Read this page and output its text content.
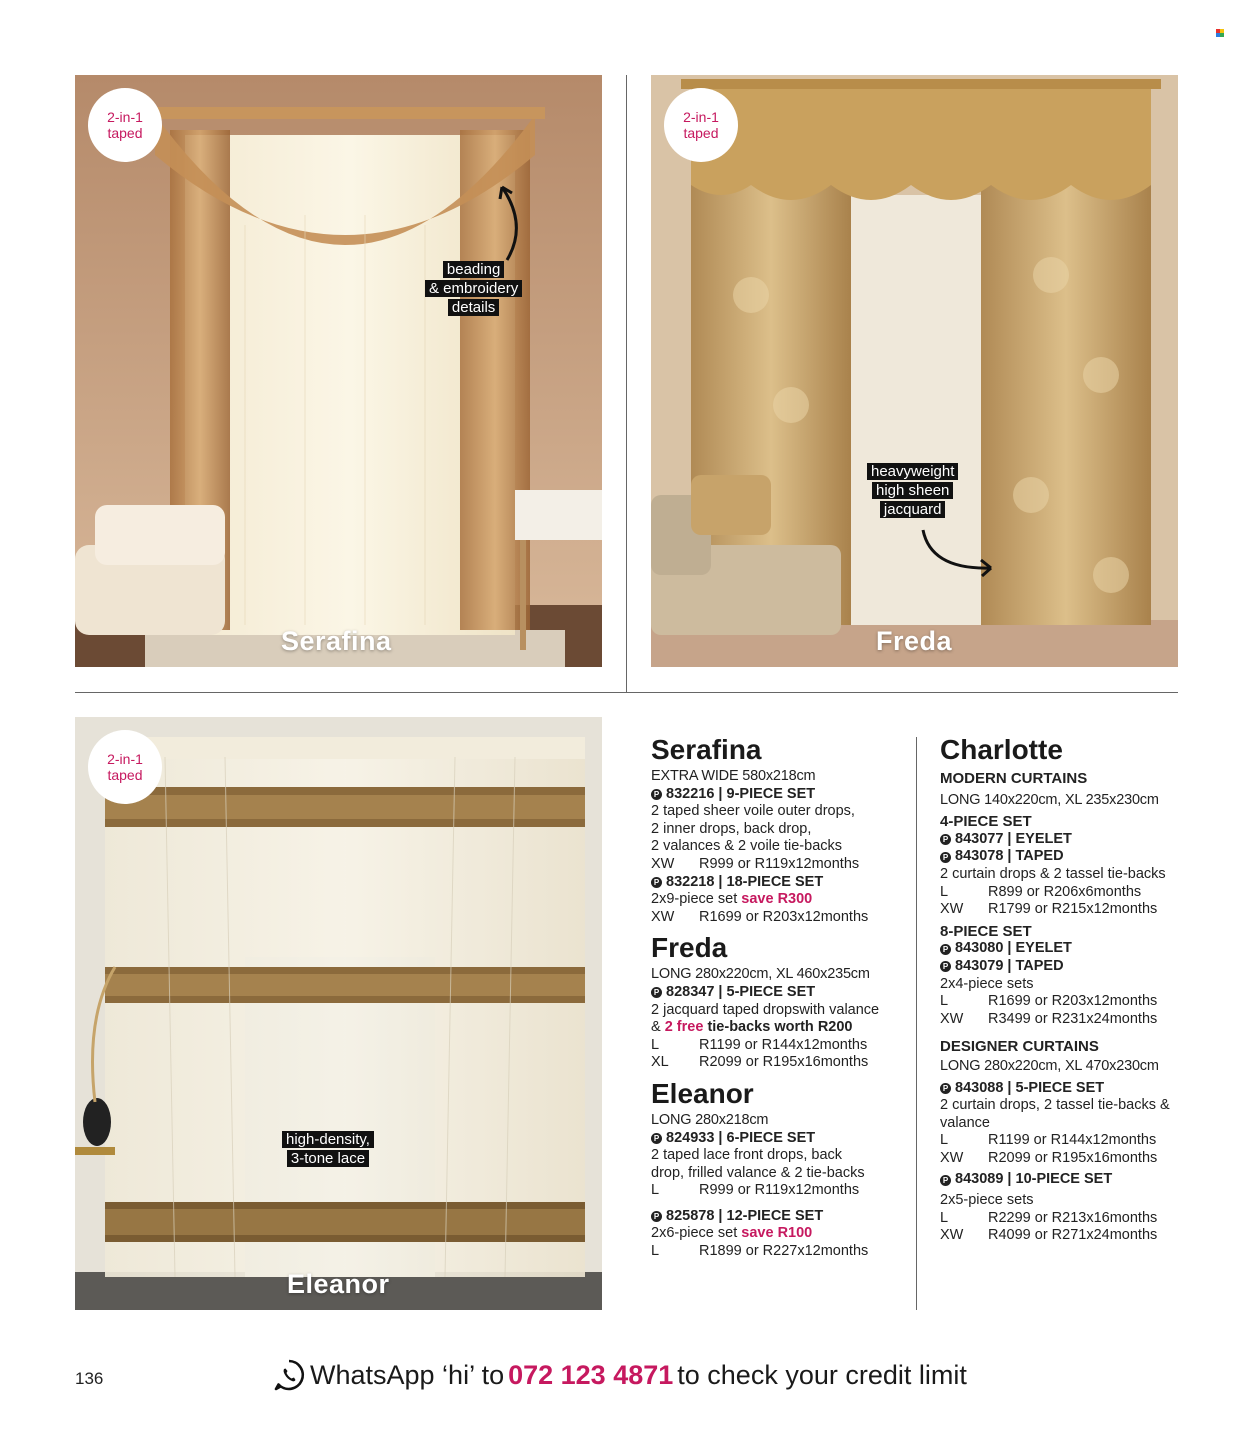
2-in-1
taped
beading
& embroidery
details
Serafina
2-in-1
taped
heavyweight
high sheen
jacquard
Freda
2-in-1
taped
high-density,
3-tone lace
Eleanor
Serafina
EXTRA WIDE 580x218cm
P 832216 | 9-PIECE SET
2 taped sheer voile outer drops,
2 inner drops, back drop,
2 valances & 2 voile tie-backs
XW	R999 or R119x12months
P 832218 | 18-PIECE SET
2x9-piece set save R300
XW	R1699 or R203x12months
Freda
LONG 280x220cm, XL 460x235cm
P 828347 | 5-PIECE SET
2 jacquard taped dropswith valance
& 2 free tie-backs worth R200
L	R1199 or R144x12months
XL	R2099 or R195x16months
Eleanor
LONG 280x218cm
P 824933 | 6-PIECE SET
2 taped lace front drops, back
drop, frilled valance & 2 tie-backs
L	R999 or R119x12months
P 825878 | 12-PIECE SET
2x6-piece set save R100
L	R1899 or R227x12months
Charlotte
MODERN CURTAINS
LONG 140x220cm, XL 235x230cm
4-PIECE SET
P 843077 | EYELET
P 843078 | TAPED
2 curtain drops & 2 tassel tie-backs
L	R899 or R206x6months
XW	R1799 or R215x12months
8-PIECE SET
P 843080 | EYELET
P 843079 | TAPED
2x4-piece sets
L	R1699 or R203x12months
XW	R3499 or R231x24months
DESIGNER CURTAINS
LONG 280x220cm, XL 470x230cm
P 843088 | 5-PIECE SET
2 curtain drops, 2 tassel tie-backs &
valance
L	R1199 or R144x12months
XW	R2099 or R195x16months
P 843089 | 10-PIECE SET
2x5-piece sets
L	R2299 or R213x16months
XW	R4099 or R271x24months
136	WhatsApp ‘hi’ to 072 123 4871 to check your credit limit
